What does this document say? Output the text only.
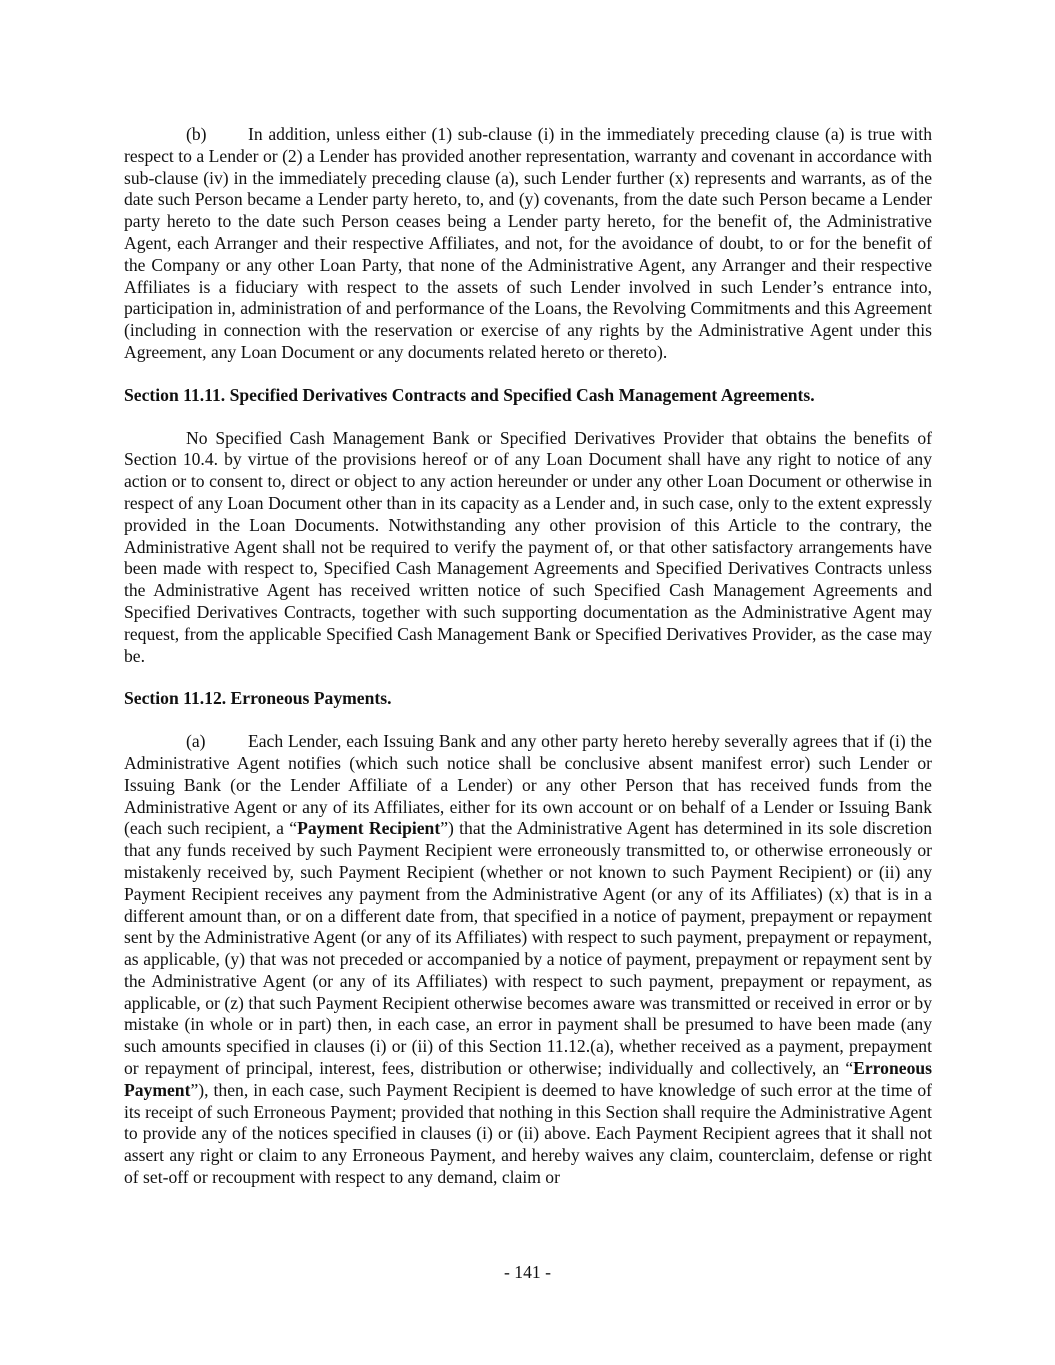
(b) In addition, unless either (1) sub-clause (i) in the immediately preceding clause (a) is true with respect to a Lender or (2) a Lender has provided another representation, warranty and covenant in accordance with sub-clause (iv) in the immediately preceding clause (a), such Lender further (x) represents and warrants, as of the date such Person became a Lender party hereto, to, and (y) covenants, from the date such Person became a Lender party hereto to the date such Person ceases being a Lender party hereto, for the benefit of, the Administrative Agent, each Arranger and their respective Affiliates, and not, for the avoidance of doubt, to or for the benefit of the Company or any other Loan Party, that none of the Administrative Agent, any Arranger and their respective Affiliates is a fiduciary with respect to the assets of such Lender involved in such Lender’s entrance into, participation in, administration of and performance of the Loans, the Revolving Commitments and this Agreement (including in connection with the reservation or exercise of any rights by the Administrative Agent under this Agreement, any Loan Document or any documents related hereto or thereto).

Section 11.11. Specified Derivatives Contracts and Specified Cash Management Agreements.

No Specified Cash Management Bank or Specified Derivatives Provider that obtains the benefits of Section 10.4. by virtue of the provisions hereof or of any Loan Document shall have any right to notice of any action or to consent to, direct or object to any action hereunder or under any other Loan Document or otherwise in respect of any Loan Document other than in its capacity as a Lender and, in such case, only to the extent expressly provided in the Loan Documents. Notwithstanding any other provision of this Article to the contrary, the Administrative Agent shall not be required to verify the payment of, or that other satisfactory arrangements have been made with respect to, Specified Cash Management Agreements and Specified Derivatives Contracts unless the Administrative Agent has received written notice of such Specified Cash Management Agreements and Specified Derivatives Contracts, together with such supporting documentation as the Administrative Agent may request, from the applicable Specified Cash Management Bank or Specified Derivatives Provider, as the case may be.

Section 11.12. Erroneous Payments.

(a) Each Lender, each Issuing Bank and any other party hereto hereby severally agrees that if (i) the Administrative Agent notifies (which such notice shall be conclusive absent manifest error) such Lender or Issuing Bank (or the Lender Affiliate of a Lender) or any other Person that has received funds from the Administrative Agent or any of its Affiliates, either for its own account or on behalf of a Lender or Issuing Bank (each such recipient, a “Payment Recipient”) that the Administrative Agent has determined in its sole discretion that any funds received by such Payment Recipient were erroneously transmitted to, or otherwise erroneously or mistakenly received by, such Payment Recipient (whether or not known to such Payment Recipient) or (ii) any Payment Recipient receives any payment from the Administrative Agent (or any of its Affiliates) (x) that is in a different amount than, or on a different date from, that specified in a notice of payment, prepayment or repayment sent by the Administrative Agent (or any of its Affiliates) with respect to such payment, prepayment or repayment, as applicable, (y) that was not preceded or accompanied by a notice of payment, prepayment or repayment sent by the Administrative Agent (or any of its Affiliates) with respect to such payment, prepayment or repayment, as applicable, or (z) that such Payment Recipient otherwise becomes aware was transmitted or received in error or by mistake (in whole or in part) then, in each case, an error in payment shall be presumed to have been made (any such amounts specified in clauses (i) or (ii) of this Section 11.12.(a), whether received as a payment, prepayment or repayment of principal, interest, fees, distribution or otherwise; individually and collectively, an “Erroneous Payment”), then, in each case, such Payment Recipient is deemed to have knowledge of such error at the time of its receipt of such Erroneous Payment; provided that nothing in this Section shall require the Administrative Agent to provide any of the notices specified in clauses (i) or (ii) above. Each Payment Recipient agrees that it shall not assert any right or claim to any Erroneous Payment, and hereby waives any claim, counterclaim, defense or right of set-off or recoupment with respect to any demand, claim or

- 141 -
